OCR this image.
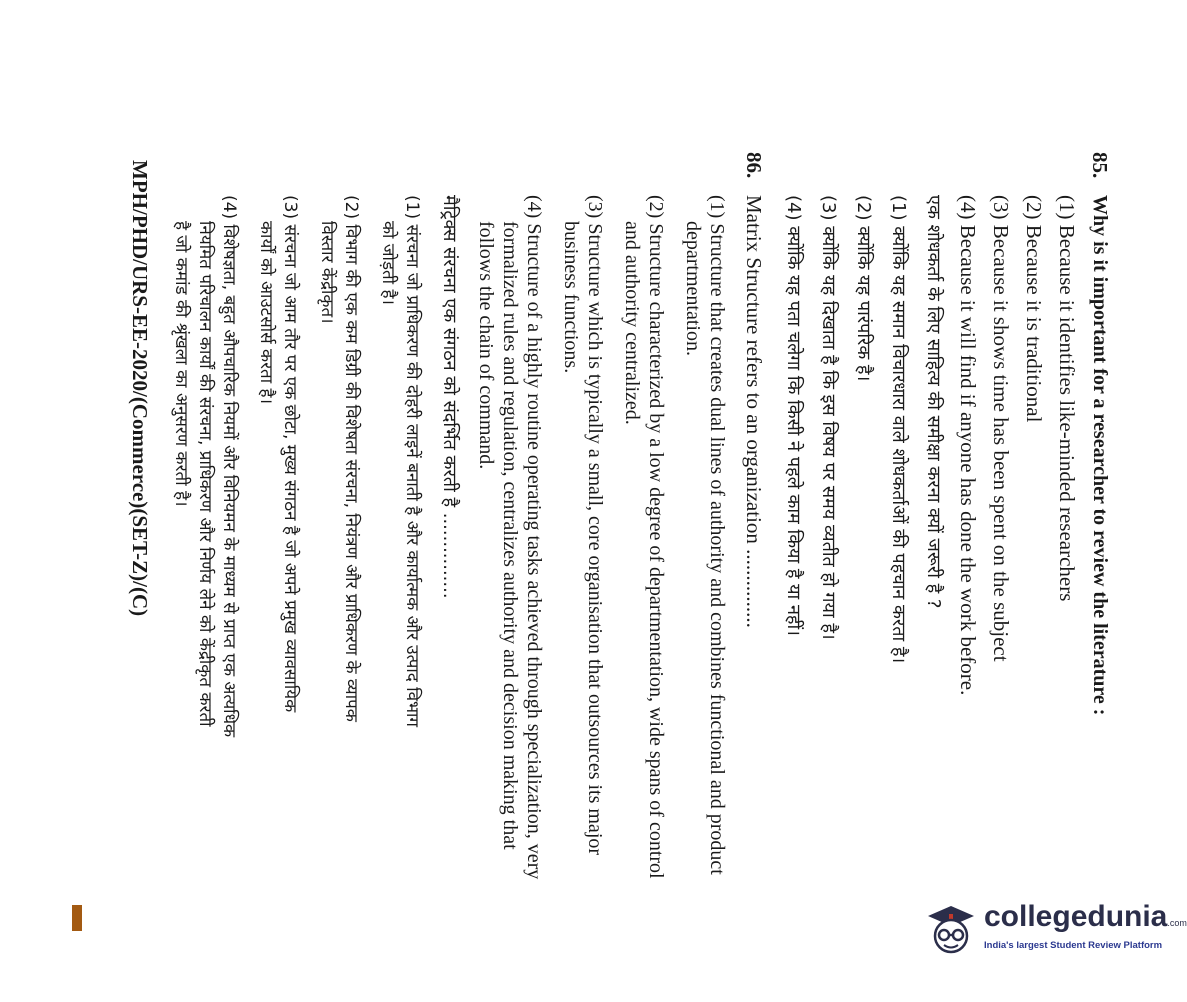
85.
Why is it important for a researcher to review the literature :
(1) Because it identifies like-minded researchers
(2) Because it is traditional
(3) Because it shows time has been spent on the subject
(4) Because it will find if anyone has done the work before.
एक शोधकर्ता के लिए साहित्य की समीक्षा करना क्यों जरूरी है ?
(1) क्योंकि यह समान विचारधारा वाले शोधकर्ताओं की पहचान करता है।
(2) क्योंकि यह पारंपरिक है।
(3) क्योंकि यह दिखाता है कि इस विषय पर समय व्यतीत हो गया है।
(4) क्योंकि यह पता चलेगा कि किसी ने पहले काम किया है या नहीं।
86.
Matrix Structure refers to an organization ...............
(1) Structure that creates dual lines of authority and combines functional and product
departmentation.
(2) Structure characterized by a low degree of departmentation, wide spans of control
and authority centralized.
(3) Structure which is typically a small, core organisation that outsources its major
business functions.
(4) Structure of a highly routine operating tasks achieved through specialization, very
formalized rules and regulation, centralizes authority and decision making that
follows the chain of command.
मैट्रिक्स संरचना एक संगठन को संदर्भित करती है ...............
(1) संरचना जो प्राधिकरण की दोहरी लाइनें बनाती है और कार्यात्मक और उत्पाद विभाग
को जोड़ती है।
(2) विभाग की एक कम डिग्री की विशेषता संरचना, नियंत्रण और प्राधिकरण के व्यापक
विस्तार केंद्रीकृत।
(3) संरचना जो आम तौर पर एक छोटा, मुख्य संगठन है जो अपने प्रमुख व्यावसायिक
कार्यों को आउटसोर्स करता है।
(4) विशेषज्ञता, बहुत औपचारिक नियमों और विनियमन के माध्यम से प्राप्त एक अत्यधिक
नियमित परिचालन कार्यों की संरचना, प्राधिकरण और निर्णय लेने को केंद्रीकृत करती
है जो कमांड की श्रृंखला का अनुसरण करती है।
MPH/PHD/URS-EE-2020/(Commerce)(SET-Z)/(C)
collegedunia.com
India's largest Student Review Platform
